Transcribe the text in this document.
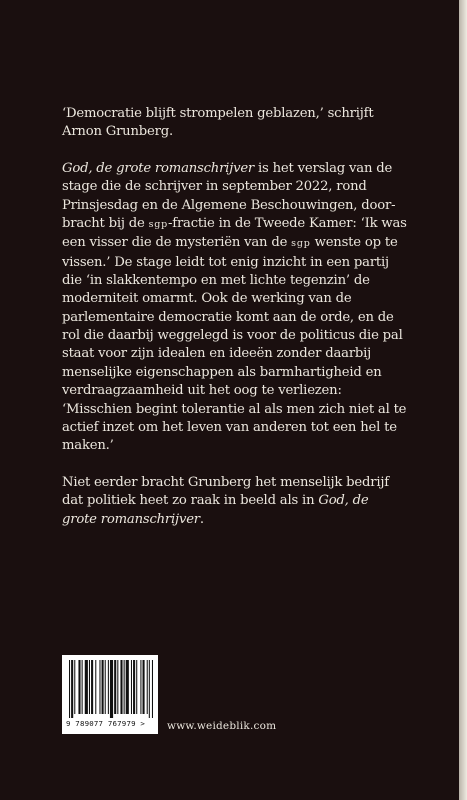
‘Democratie blijft strompelen geblazen,’ schrijft Arnon Grunberg.

God, de grote romanschrijver is het verslag van de stage die de schrijver in september 2022, rond Prinsjesdag en de Algemene Beschouwingen, doorbracht bij de sgp-fractie in de Tweede Kamer: ‘Ik was een visser die de mysteriën van de sgp wenste op te vissen.’ De stage leidt tot enig inzicht in een partij die ‘in slakkentempo en met lichte tegenzin’ de moderniteit omarmt. Ook de werking van de parlementaire democratie komt aan de orde, en de rol die daarbij weggelegd is voor de politicus die pal staat voor zijn idealen en ideeën zonder daarbij menselijke eigenschappen als barmhartigheid en verdraagzaamheid uit het oog te verliezen: ‘Misschien begint tolerantie al als men zich niet al te actief inzet om het leven van anderen tot een hel te maken.’

Niet eerder bracht Grunberg het menselijk bedrijf dat politiek heet zo raak in beeld als in God, de grote romanschrijver.

9 789077 767979 >	www.weideblik.com
